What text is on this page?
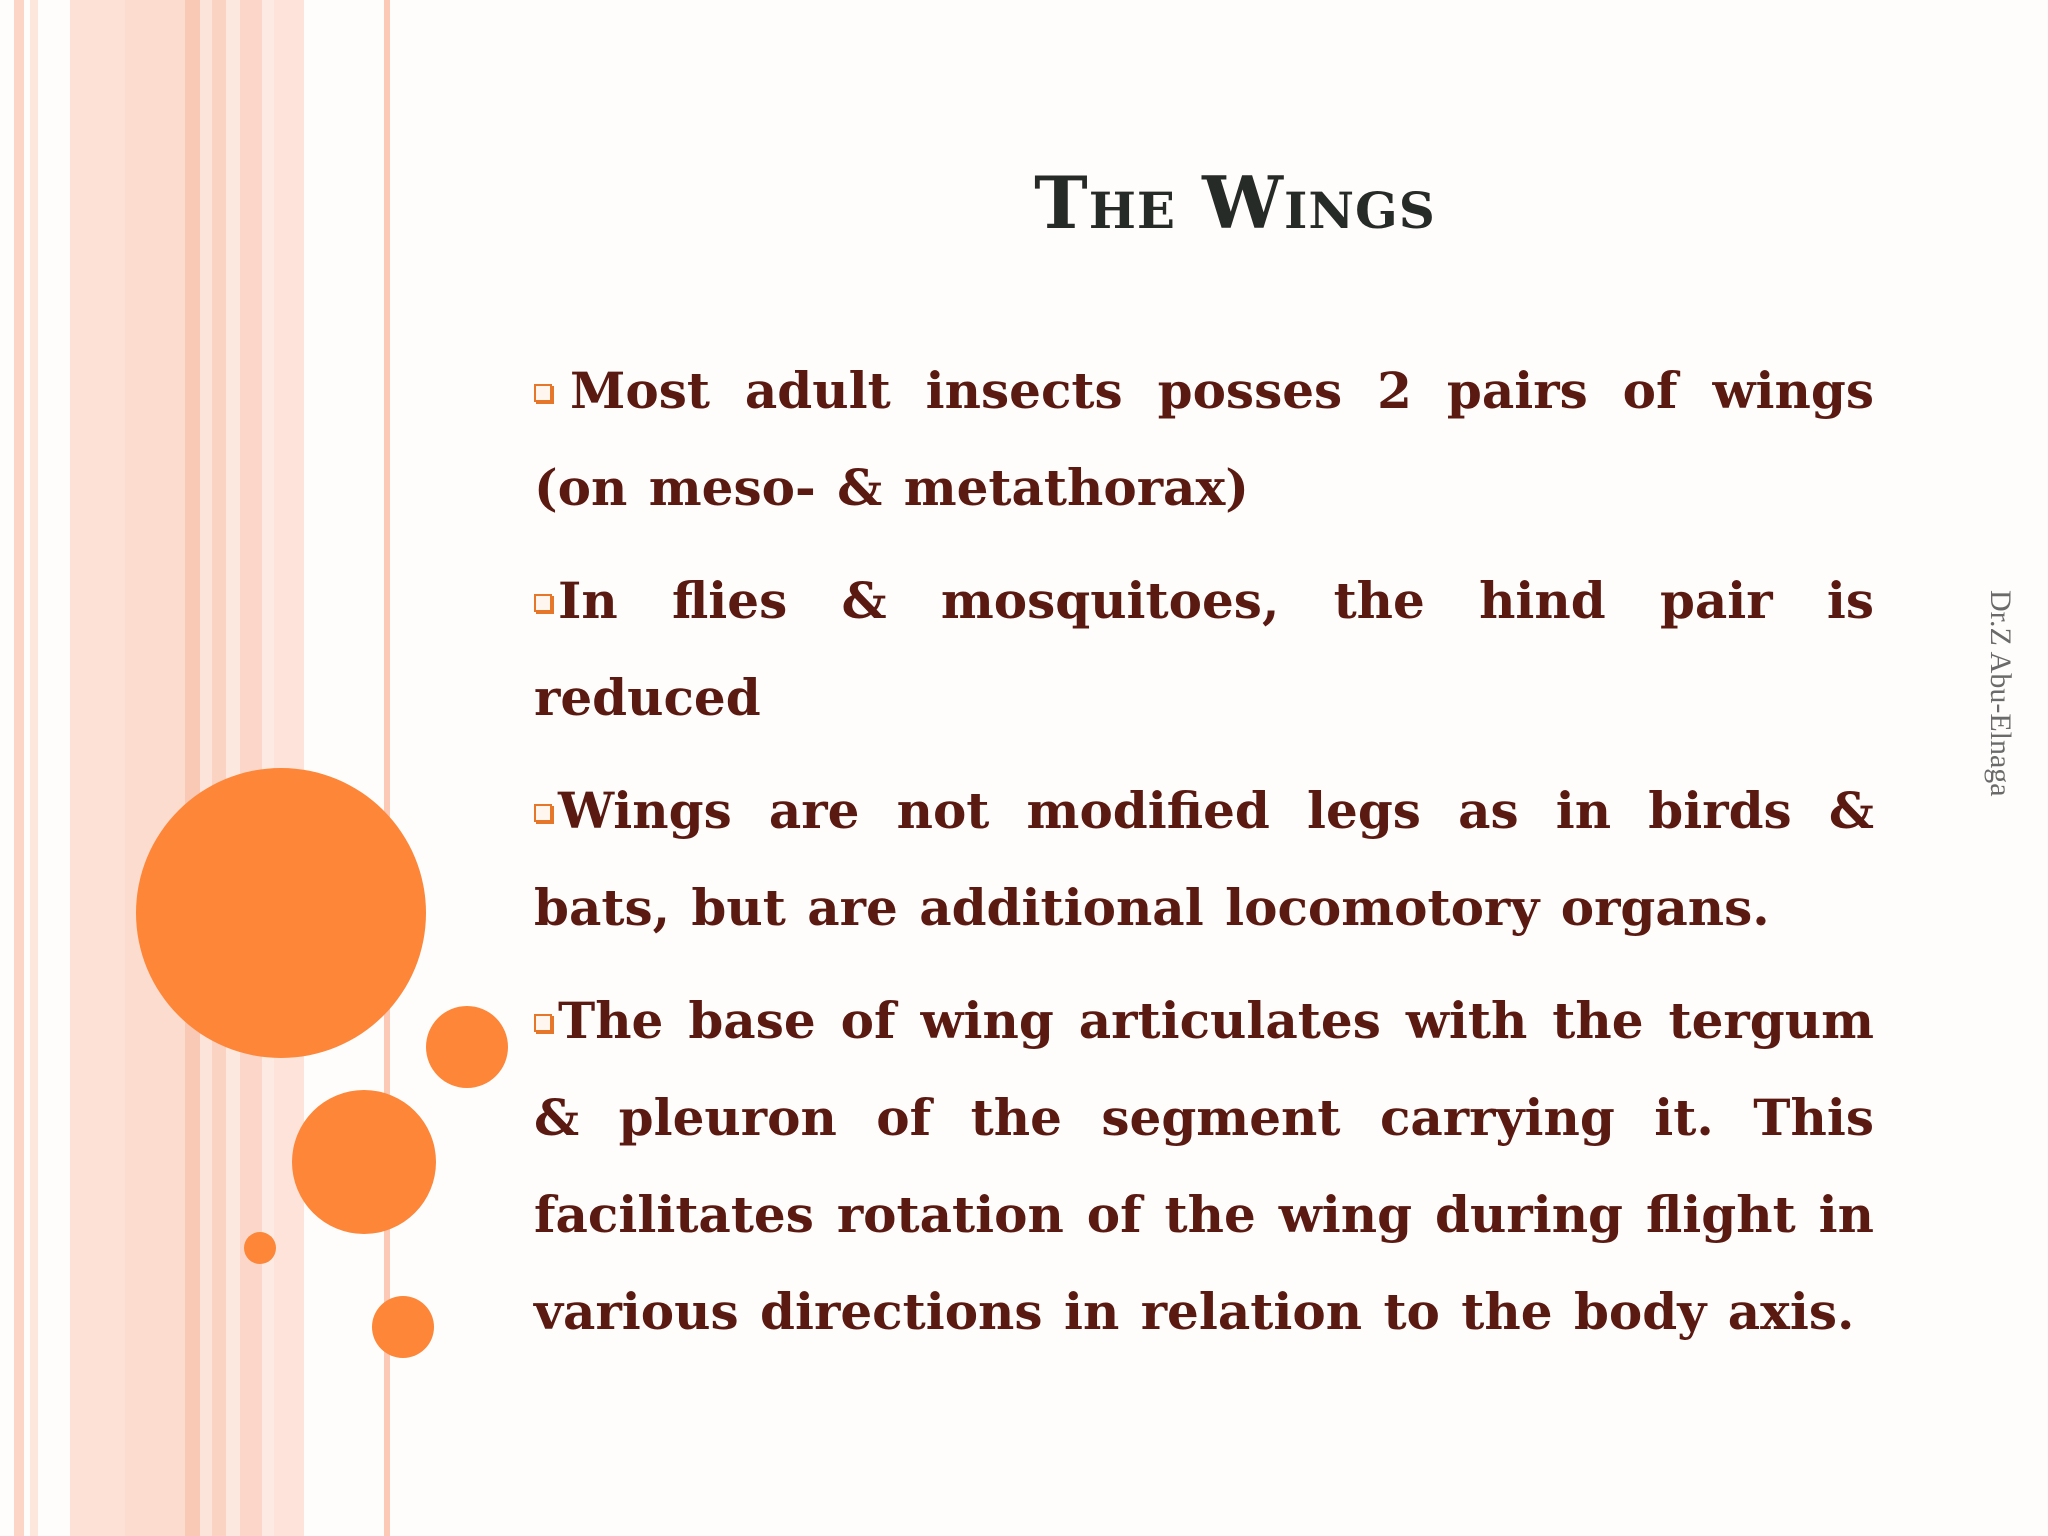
The Wings

Most adult insects posses 2 pairs of wings (on meso- & metathorax)

In flies & mosquitoes, the hind pair is reduced

Wings are not modified legs as in birds & bats, but are additional locomotory organs.

The base of wing articulates with the tergum & pleuron of the segment carrying it. This facilitates rotation of the wing during flight in various directions in relation to the body axis.

Dr.Z Abu-Elnaga
